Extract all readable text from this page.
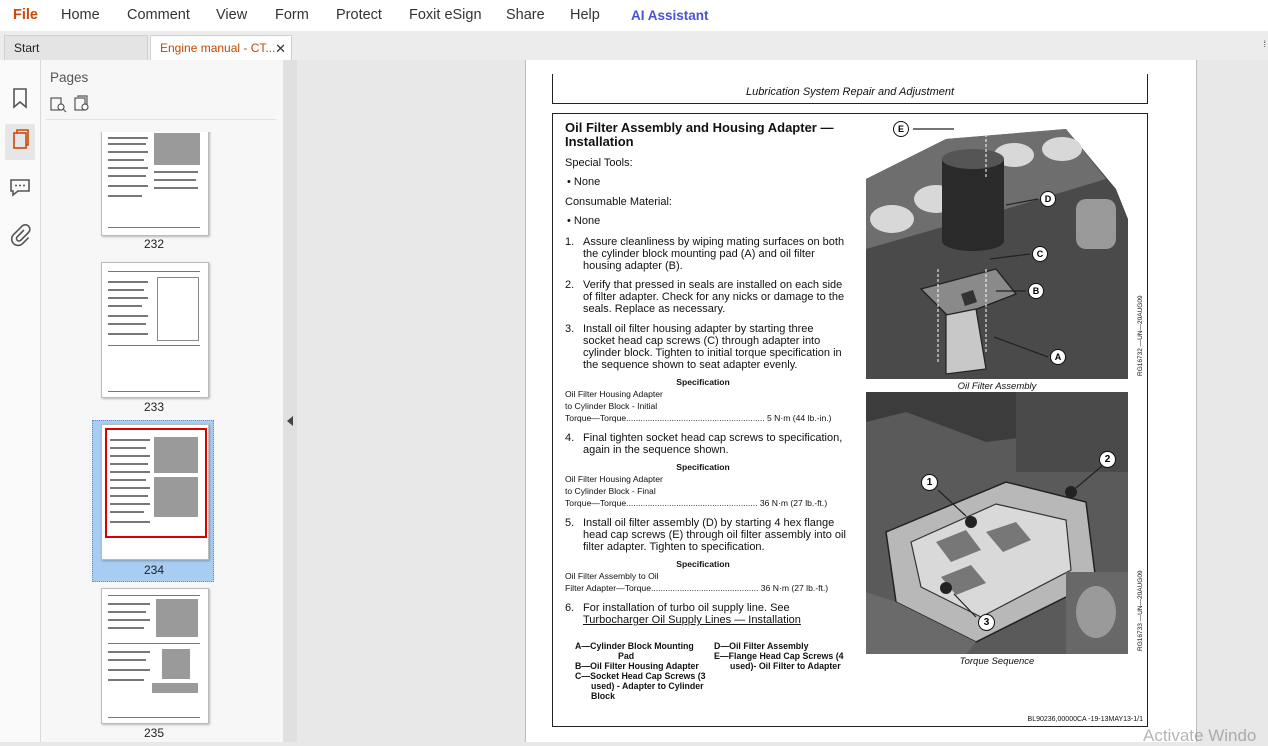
File Home Comment View Form Protect Foxit eSign Share Help AI Assistant
Start	Engine manual - CT... ✕	⁞
Pages
232
233
234
235
Lubrication System Repair and Adjustment
Oil Filter Assembly and Housing Adapter — Installation
Special Tools:
• None
Consumable Material:
• None
1. Assure cleanliness by wiping mating surfaces on both the cylinder block mounting pad (A) and oil filter housing adapter (B).
2. Verify that pressed in seals are installed on each side of filter adapter. Check for any nicks or damage to the seals. Replace as necessary.
3. Install oil filter housing adapter by starting three socket head cap screws (C) through adapter into cylinder block. Tighten to initial torque specification in the sequence shown to seat adapter evenly.
Specification
Oil Filter Housing Adapter
to Cylinder Block - Initial
Torque—Torque.......................................................... 5 N·m (44 lb.-in.)
4. Final tighten socket head cap screws to specification, again in the sequence shown.
Specification
Oil Filter Housing Adapter
to Cylinder Block - Final
Torque—Torque....................................................... 36 N·m (27 lb.-ft.)
5. Install oil filter assembly (D) by starting 4 hex flange head cap screws (E) through oil filter assembly into oil filter adapter. Tighten to specification.
Specification
Oil Filter Assembly to Oil
Filter Adapter—Torque............................................. 36 N·m (27 lb.-ft.)
6. For installation of turbo oil supply line. See
Turbocharger Oil Supply Lines — Installation
A—Cylinder Block Mounting
Pad
B—Oil Filter Housing Adapter
C—Socket Head Cap Screws (3
used) - Adapter to Cylinder
Block
D—Oil Filter Assembly
E—Flange Head Cap Screws (4
used)- Oil Filter to Adapter
E
D
C
B
A
Oil Filter Assembly
RG16732 —UN—20AUG09
1
2
3
Torque Sequence
RG16733 —UN—20AUG09
BL90236,00000CA -19-13MAY13-1/1
Activate Windo
